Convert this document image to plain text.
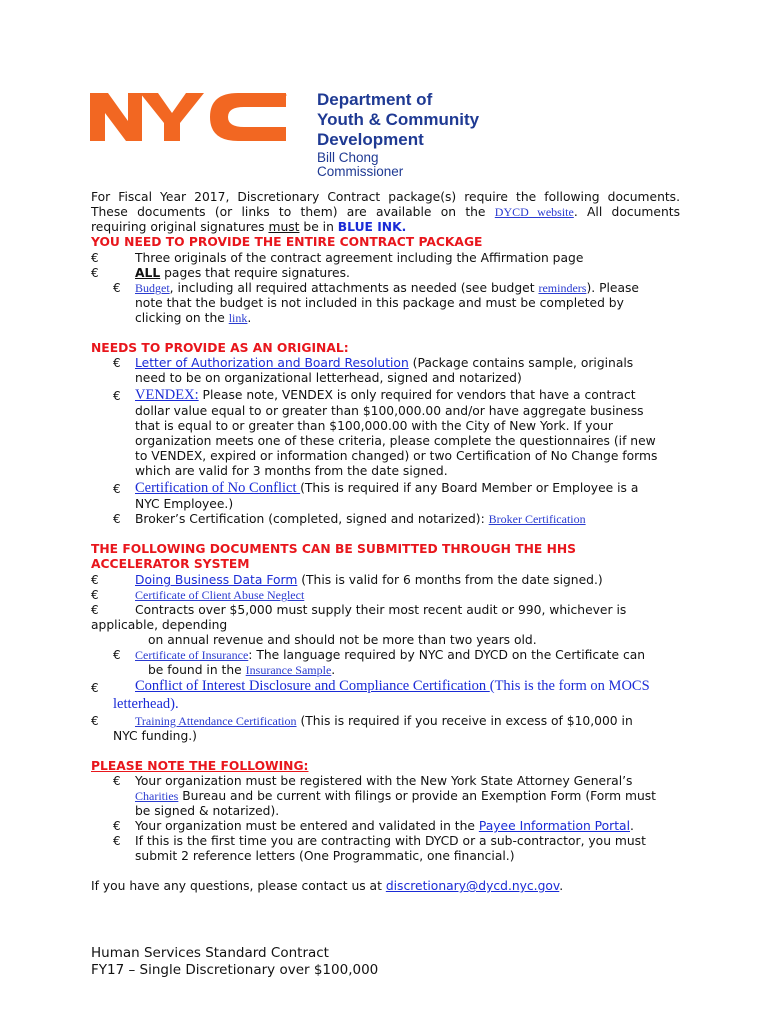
™ Department of
Youth & Community
Development
Bill Chong
Commissioner
For Fiscal Year 2017, Discretionary Contract package(s) require the following documents.
These documents (or links to them) are available on the DYCD website. All documents
requiring original signatures must be in BLUE INK.
YOU NEED TO PROVIDE THE ENTIRE CONTRACT PACKAGE
€	Three originals of the contract agreement including the Affirmation page
€	ALL pages that require signatures.
€ Budget, including all required attachments as needed (see budget reminders). Please
note that the budget is not included in this package and must be completed by
clicking on the link.
NEEDS TO PROVIDE AS AN ORIGINAL:
€ Letter of Authorization and Board Resolution (Package contains sample, originals
need to be on organizational letterhead, signed and notarized)
€ VENDEX: Please note, VENDEX is only required for vendors that have a contract
dollar value equal to or greater than $100,000.00 and/or have aggregate business
that is equal to or greater than $100,000.00 with the City of New York. If your
organization meets one of these criteria, please complete the questionnaires (if new
to VENDEX, expired or information changed) or two Certification of No Change forms
which are valid for 3 months from the date signed.
€ Certification of No Conflict (This is required if any Board Member or Employee is a
NYC Employee.)
€ Broker’s Certification (completed, signed and notarized): Broker Certification
THE FOLLOWING DOCUMENTS CAN BE SUBMITTED THROUGH THE HHS
ACCELERATOR SYSTEM
€	Doing Business Data Form (This is valid for 6 months from the date signed.)
€	Certificate of Client Abuse Neglect
€	Contracts over $5,000 must supply their most recent audit or 990, whichever is
applicable, depending
on annual revenue and should not be more than two years old.
€ Certificate of Insurance: The language required by NYC and DYCD on the Certificate can
be found in the Insurance Sample.
€	Conflict of Interest Disclosure and Compliance Certification (This is the form on MOCS
letterhead).
€	Training Attendance Certification (This is required if you receive in excess of $10,000 in
NYC funding.)
PLEASE NOTE THE FOLLOWING:
€ Your organization must be registered with the New York State Attorney General’s
Charities Bureau and be current with filings or provide an Exemption Form (Form must
be signed & notarized).
€ Your organization must be entered and validated in the Payee Information Portal.
€ If this is the first time you are contracting with DYCD or a sub-contractor, you must
submit 2 reference letters (One Programmatic, one financial.)
If you have any questions, please contact us at discretionary@dycd.nyc.gov.
Human Services Standard Contract
FY17 – Single Discretionary over $100,000
